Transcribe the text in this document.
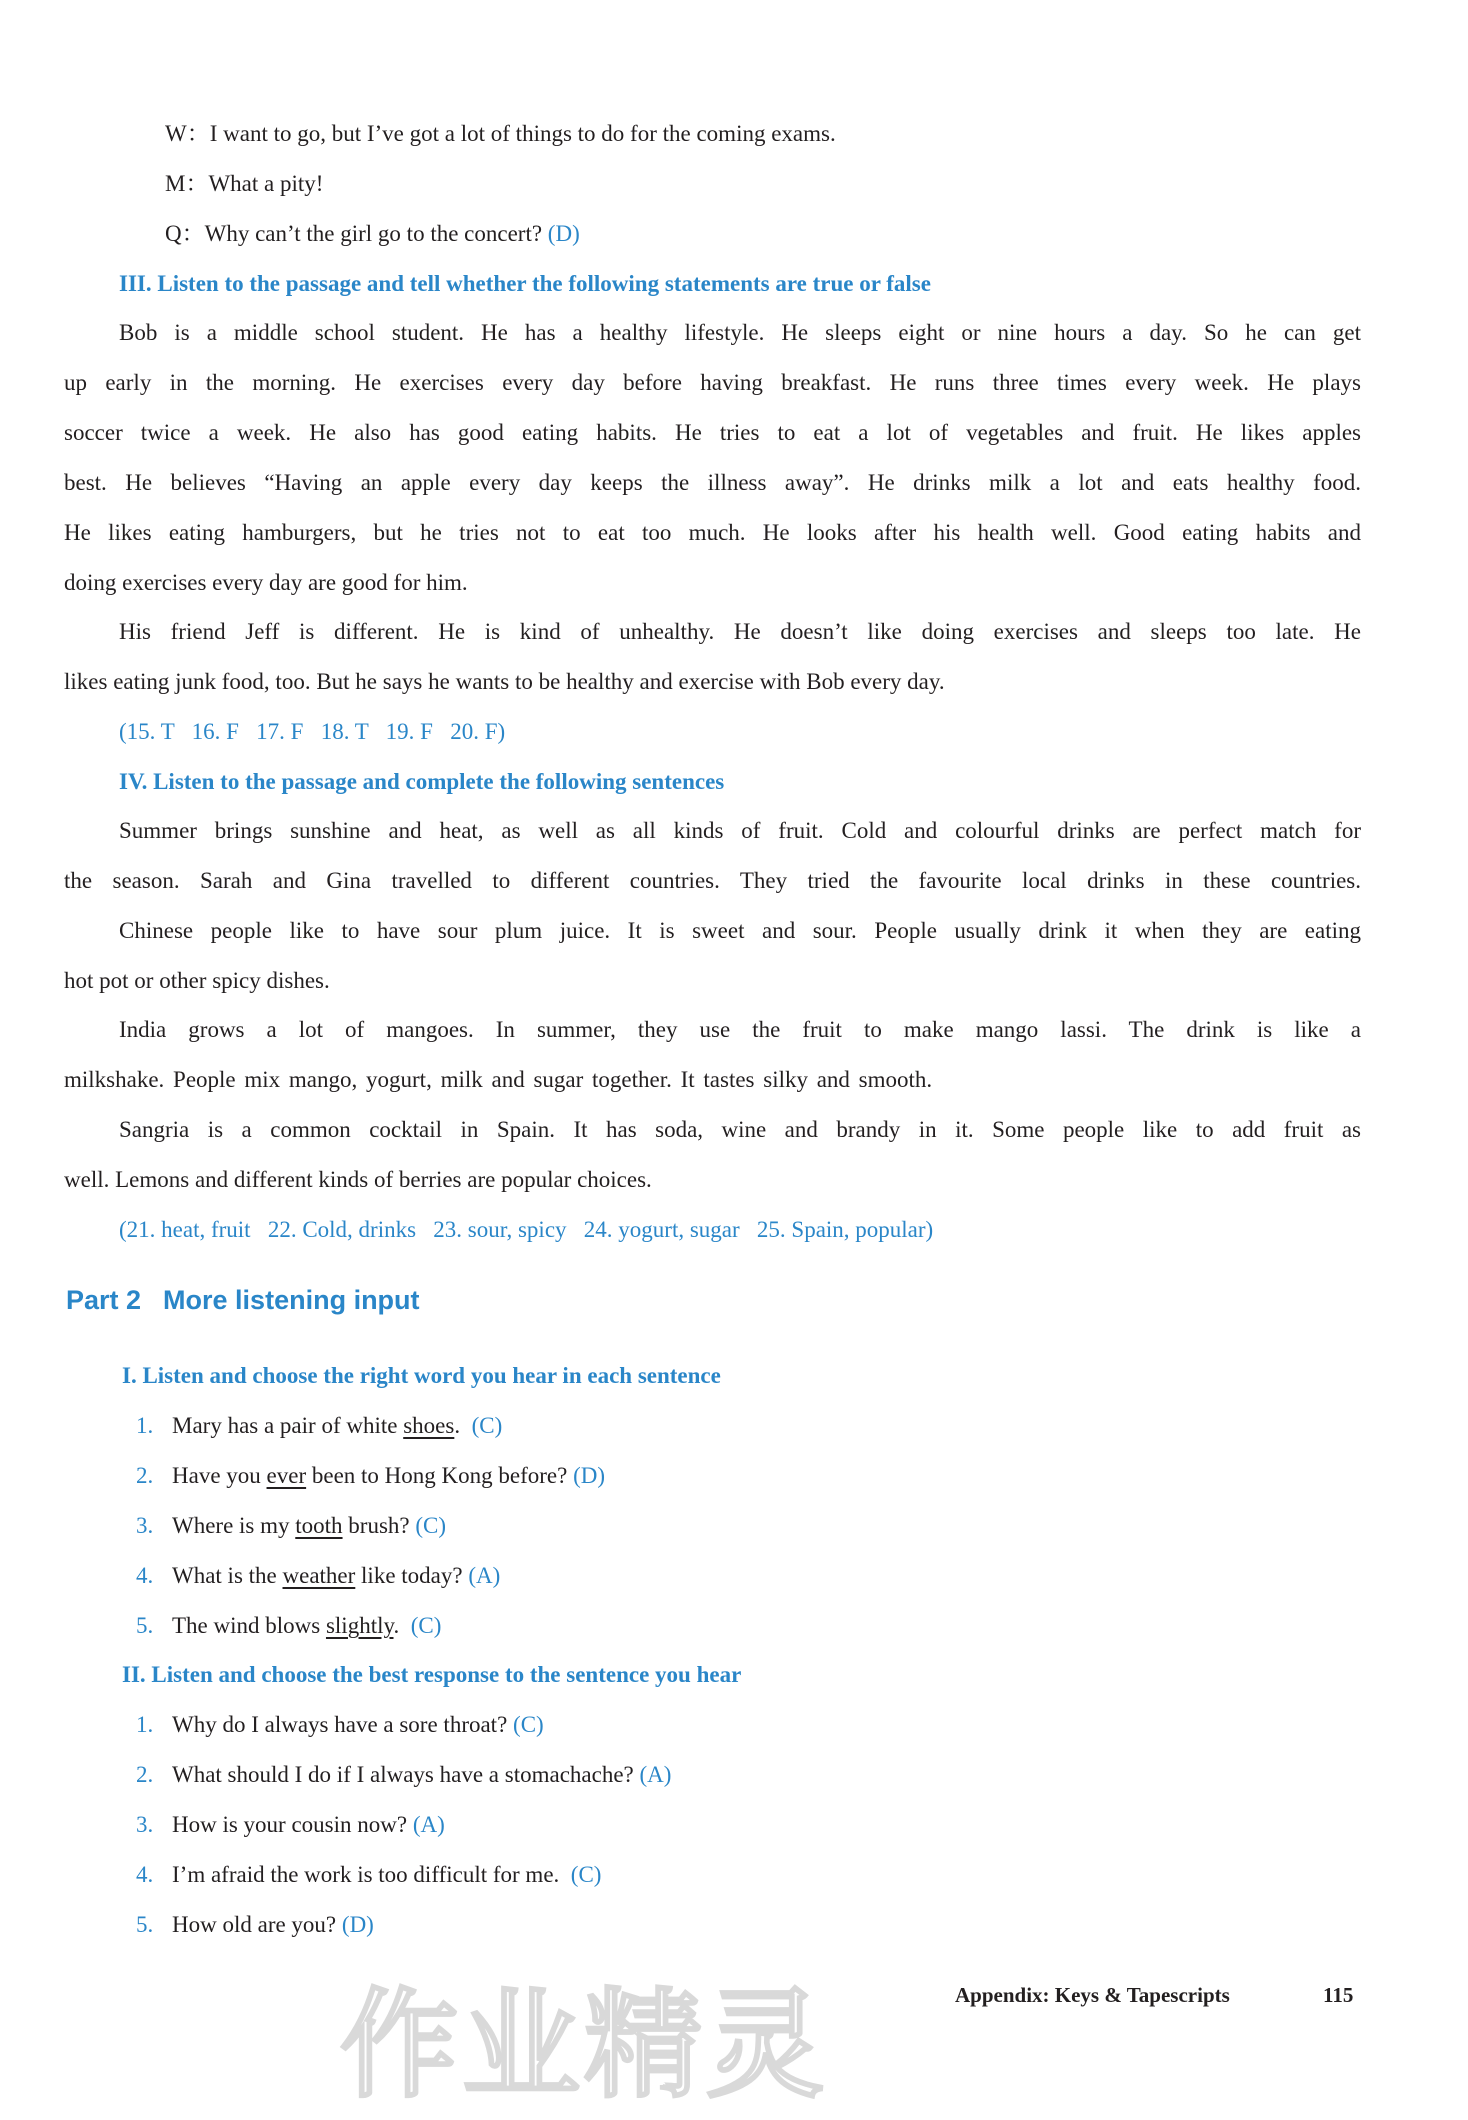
W：I want to go, but I’ve got a lot of things to do for the coming exams.
M：What a pity!
Q：Why can’t the girl go to the concert? (D)
III. Listen to the passage and tell whether the following statements are true or false
Bob is a middle school student. He has a healthy lifestyle. He sleeps eight or nine hours a day. So he can get
up early in the morning. He exercises every day before having breakfast. He runs three times every week. He plays
soccer twice a week. He also has good eating habits. He tries to eat a lot of vegetables and fruit. He likes apples
best. He believes “Having an apple every day keeps the illness away”. He drinks milk a lot and eats healthy food.
He likes eating hamburgers, but he tries not to eat too much. He looks after his health well. Good eating habits and
doing exercises every day are good for him.
His friend Jeff is different. He is kind of unhealthy. He doesn’t like doing exercises and sleeps too late. He
likes eating junk food, too. But he says he wants to be healthy and exercise with Bob every day.
(15. T   16. F   17. F   18. T   19. F   20. F)
IV. Listen to the passage and complete the following sentences
Summer brings sunshine and heat, as well as all kinds of fruit. Cold and colourful drinks are perfect match for
the season. Sarah and Gina travelled to different countries. They tried the favourite local drinks in these countries.
Chinese people like to have sour plum juice. It is sweet and sour. People usually drink it when they are eating
hot pot or other spicy dishes.
India grows a lot of mangoes. In summer, they use the fruit to make mango lassi. The drink is like a
milkshake. People mix mango, yogurt, milk and sugar together. It tastes silky and smooth.
Sangria is a common cocktail in Spain. It has soda, wine and brandy in it. Some people like to add fruit as
well. Lemons and different kinds of berries are popular choices.
(21. heat, fruit   22. Cold, drinks   23. sour, spicy   24. yogurt, sugar   25. Spain, popular)
Part 2 More listening input
I. Listen and choose the right word you hear in each sentence
1. Mary has a pair of white shoes. (C)
2. Have you ever been to Hong Kong before? (D)
3. Where is my tooth brush? (C)
4. What is the weather like today? (A)
5. The wind blows slightly. (C)
II. Listen and choose the best response to the sentence you hear
1. Why do I always have a sore throat? (C)
2. What should I do if I always have a stomachache? (A)
3. How is your cousin now? (A)
4. I’m afraid the work is too difficult for me. (C)
5. How old are you? (D)
作业精灵	Appendix: Keys & Tapescripts	115
